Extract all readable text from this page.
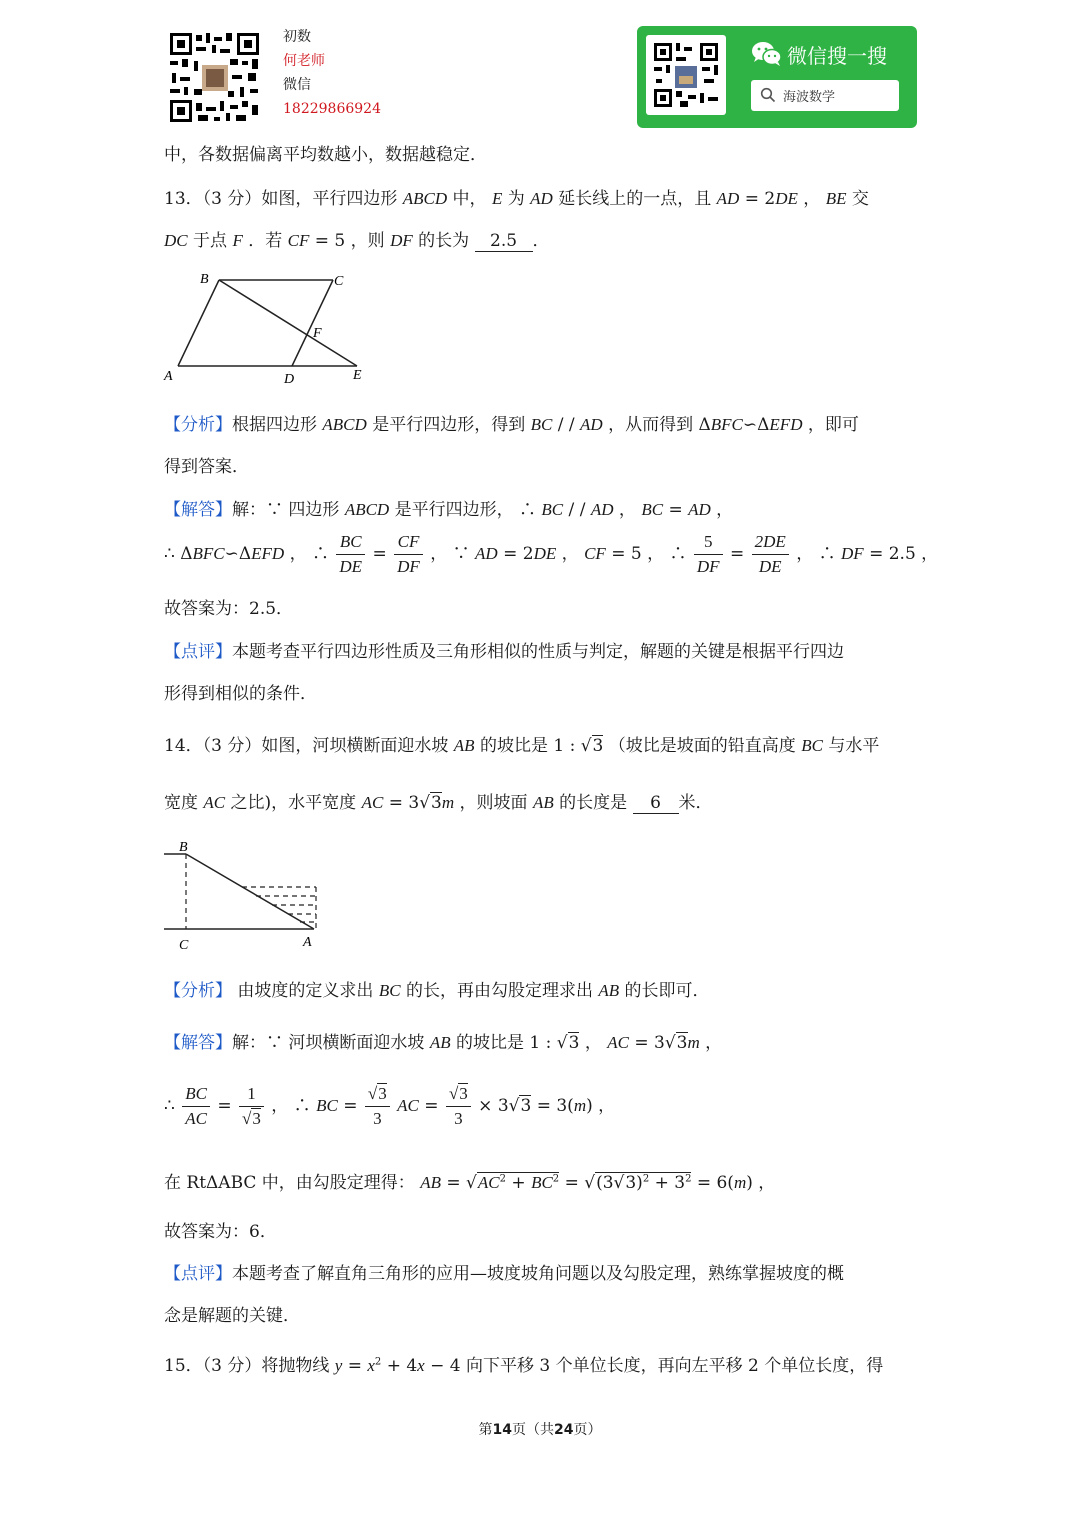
初数
何老师
微信
18229866924
微信搜一搜
海波数学
中，各数据偏离平均数越小，数据越稳定．
13．（3 分）如图，平行四边形 ABCD 中， E 为 AD 延长线上的一点，且 AD = 2DE ， BE 交
DC 于点 F ．若 CF = 5 ，则 DF 的长为 2.5 ．
B	C
F
A	D	E
【分析】根据四边形 ABCD 是平行四边形，得到 BC / / AD ，从而得到 ΔBFC∽ΔEFD ，即可
得到答案．
【解答】解：∵ 四边形 ABCD 是平行四边形， ∴ BC / / AD ， BC = AD ，
∴ ΔBFC∽ΔEFD ， ∴ $\frac{BC}{DE} = \frac{CF}{DF}$ ， ∵ AD = 2DE ， CF = 5 ， ∴ $\frac{5}{DF} = \frac{2DE}{DE}$ ， ∴ DF = 2.5 ，
故答案为：2.5．
【点评】本题考查平行四边形性质及三角形相似的性质与判定，解题的关键是根据平行四边
形得到相似的条件．
14．（3 分）如图，河坝横断面迎水坡 AB 的坡比是 1 : √3 （坡比是坡面的铅直高度 BC 与水平
宽度 AC 之比)，水平宽度 AC = 3√3m ，则坡面 AB 的长度是 6 米．
B
C	A
【分析】 由坡度的定义求出 BC 的长，再由勾股定理求出 AB 的长即可．
【解答】解：∵ 河坝横断面迎水坡 AB 的坡比是 1 : √3 ， AC = 3√3m ，
∴ $\frac{BC}{AC} = \frac{1}{√3}$ ， ∴ BC = $\frac{√3}{3}$ AC = $\frac{√3}{3} \times 3√3 = 3(m)$ ，
在 RtΔABC 中，由勾股定理得： AB = $√AC^2 + BC^2 = √(3√3)^2 + 3^2 = 6(m)$ ，
故答案为：6．
【点评】本题考查了解直角三角形的应用—坡度坡角问题以及勾股定理，熟练掌握坡度的概
念是解题的关键．
15．（3 分）将抛物线 $y = x^2 + 4x - 4$ 向下平移 3 个单位长度，再向左平移 2 个单位长度，得
第14页（共24页）
